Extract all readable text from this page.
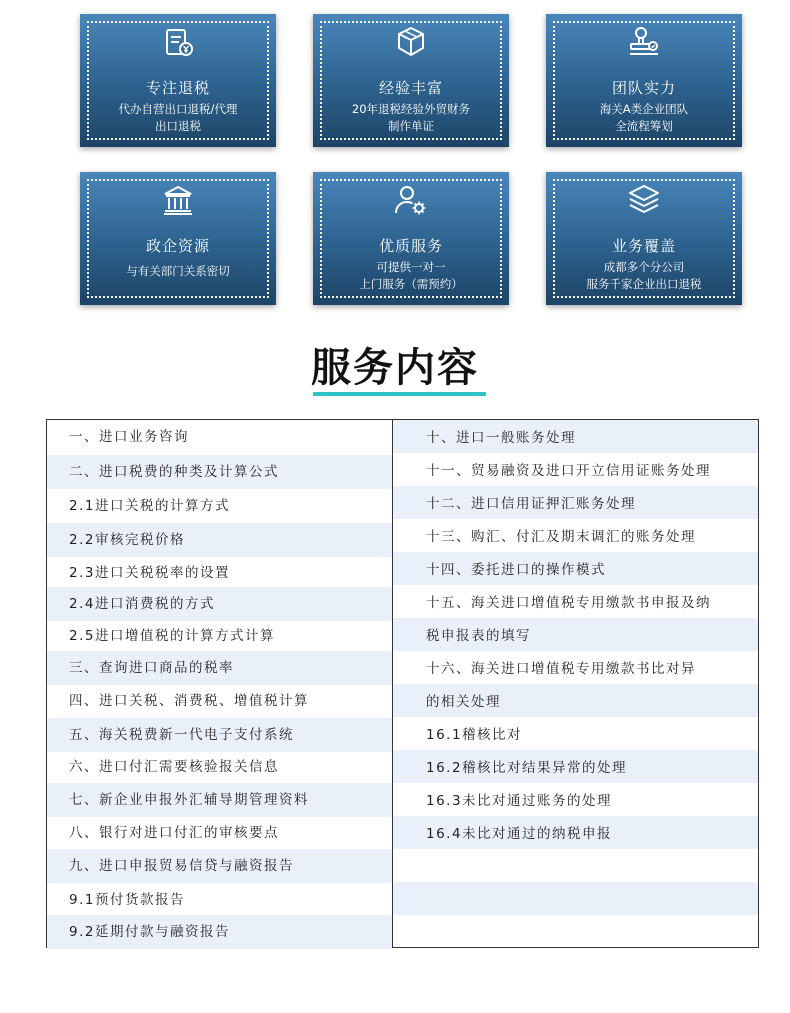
专注退税
代办自营出口退税/代理
出口退税
经验丰富
20年退税经验外贸财务
制作单证
团队实力
海关A类企业团队
全流程筹划
政企资源
与有关部门关系密切
优质服务
可提供一对一
上门服务（需预约）
业务覆盖
成都多个分公司
服务千家企业出口退税
服务内容
一、进口业务咨询
二、进口税费的种类及计算公式
2.1进口关税的计算方式
2.2审核完税价格
2.3进口关税税率的设置
2.4进口消费税的方式
2.5进口增值税的计算方式计算
三、查询进口商品的税率
四、进口关税、消费税、增值税计算
五、海关税费新一代电子支付系统
六、进口付汇需要核验报关信息
七、新企业申报外汇辅导期管理资料
八、银行对进口付汇的审核要点
九、进口申报贸易信贷与融资报告
9.1预付货款报告
9.2延期付款与融资报告
十、进口一般账务处理
十一、贸易融资及进口开立信用证账务处理
十二、进口信用证押汇账务处理
十三、购汇、付汇及期末调汇的账务处理
十四、委托进口的操作模式
十五、海关进口增值税专用缴款书申报及纳
税申报表的填写
十六、海关进口增值税专用缴款书比对异
的相关处理
16.1稽核比对
16.2稽核比对结果异常的处理
16.3未比对通过账务的处理
16.4未比对通过的纳税申报
